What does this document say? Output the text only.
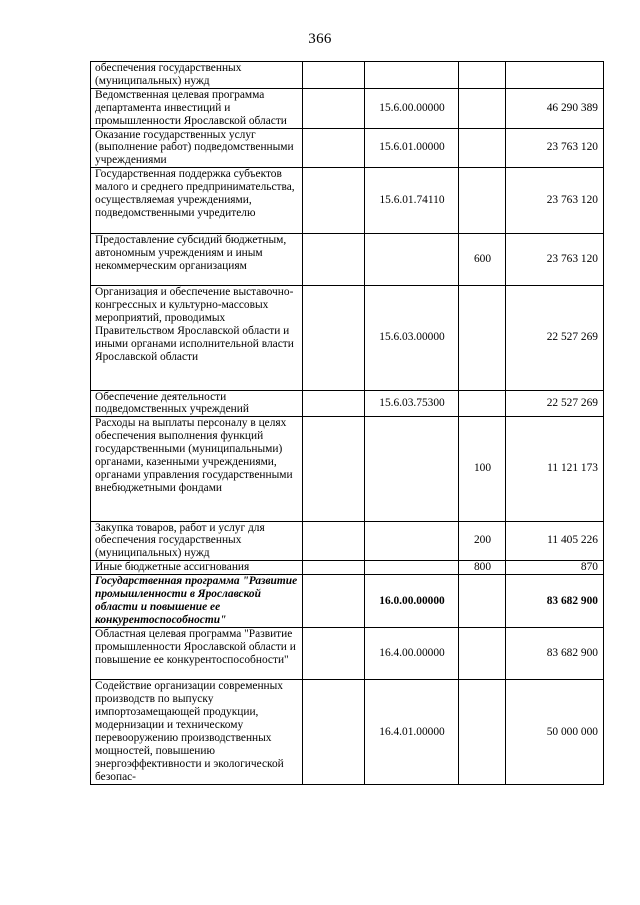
366
обеспечения государственных (муниципальных) нужд				
Ведомственная целевая программа департамента инвестиций и промышленности Ярославской области		15.6.00.00000		46 290 389
Оказание государственных услуг (выполнение работ) подведомственными учреждениями		15.6.01.00000		23 763 120
Государственная поддержка субъектов малого и среднего предпринимательства, осуществляемая учреждениями, подведомственными учредителю		15.6.01.74110		23 763 120
Предоставление субсидий бюджетным, автономным учреждениям и иным некоммерческим организациям			600	23 763 120
Организация и обеспечение выставочно-конгрессных и культурно-массовых мероприятий, проводимых Правительством Ярославской области и иными органами исполнительной власти Ярославской области		15.6.03.00000		22 527 269
Обеспечение деятельности подведомственных учреждений		15.6.03.75300		22 527 269
Расходы на выплаты персоналу в целях обеспечения выполнения функций государственными (муниципальными) органами, казенными учреждениями, органами управления государственными внебюджетными фондами			100	11 121 173
Закупка товаров, работ и услуг для обеспечения государственных (муниципальных) нужд			200	11 405 226
Иные бюджетные ассигнования			800	870
Государственная программа "Развитие промышленности в Ярославской области и повышение ее конкурентоспособности"		16.0.00.00000		83 682 900
Областная целевая программа "Развитие промышленности Ярославской области и повышение ее конкурентоспособности"		16.4.00.00000		83 682 900
Содействие организации современных производств по выпуску импортозамещающей продукции, модернизации и техническому перевооружению производственных мощностей, повышению энергоэффективности и экологической безопас-		16.4.01.00000		50 000 000
